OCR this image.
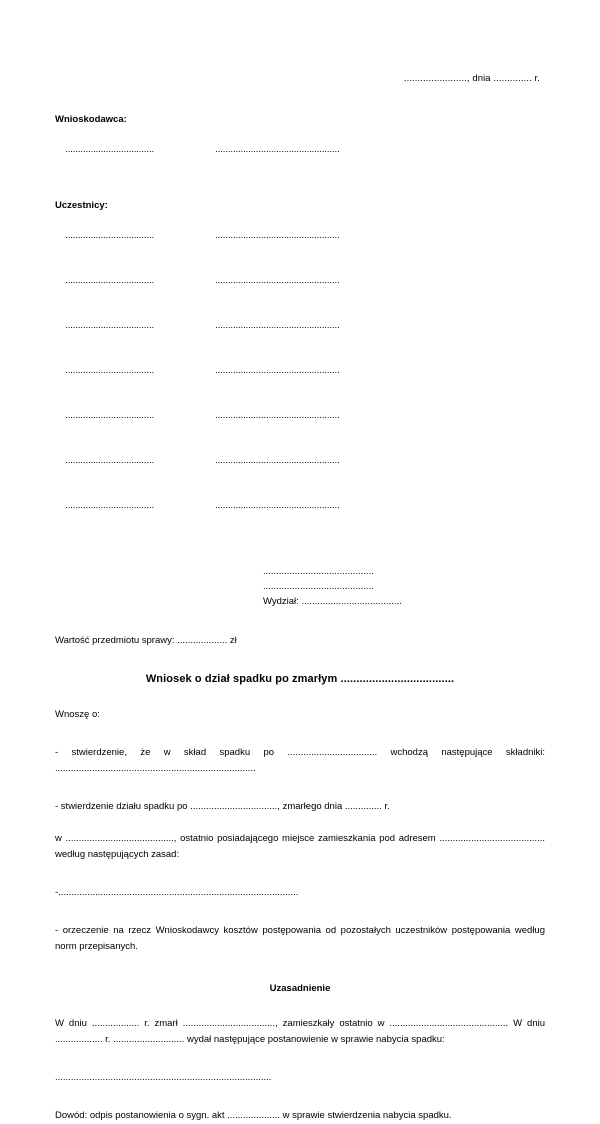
......................., dnia .............. r.
Wnioskodawca:

...................................	.................................................

Uczestnicy:

...................................	.................................................

...................................	.................................................

...................................	.................................................

...................................	.................................................

...................................	.................................................

...................................	.................................................

...................................	.................................................

..........................................
..........................................
Wydział: ......................................
Wartość przedmiotu sprawy: ................... zł
Wniosek o dział spadku po zmarłym ....................................
Wnoszę o:
- stwierdzenie, że w skład spadku po .................................. wchodzą następujące składniki: ............................................................................
- stwierdzenie działu spadku po ................................., zmarłego dnia .............. r.
w ........................................., ostatnio posiadającego miejsce zamieszkania pod adresem ........................................ według następujących zasad:
-...........................................................................................
- orzeczenie na rzecz Wnioskodawcy kosztów postępowania od pozostałych uczestników postępowania według norm przepisanych.
Uzasadnienie
W dniu .................. r. zmarł ..................................., zamieszkały ostatnio w ............................................. W dniu .................. r. ........................... wydał następujące postanowienie w sprawie nabycia spadku:
..................................................................................
Dowód: odpis postanowienia o sygn. akt .................... w sprawie stwierdzenia nabycia spadku.
